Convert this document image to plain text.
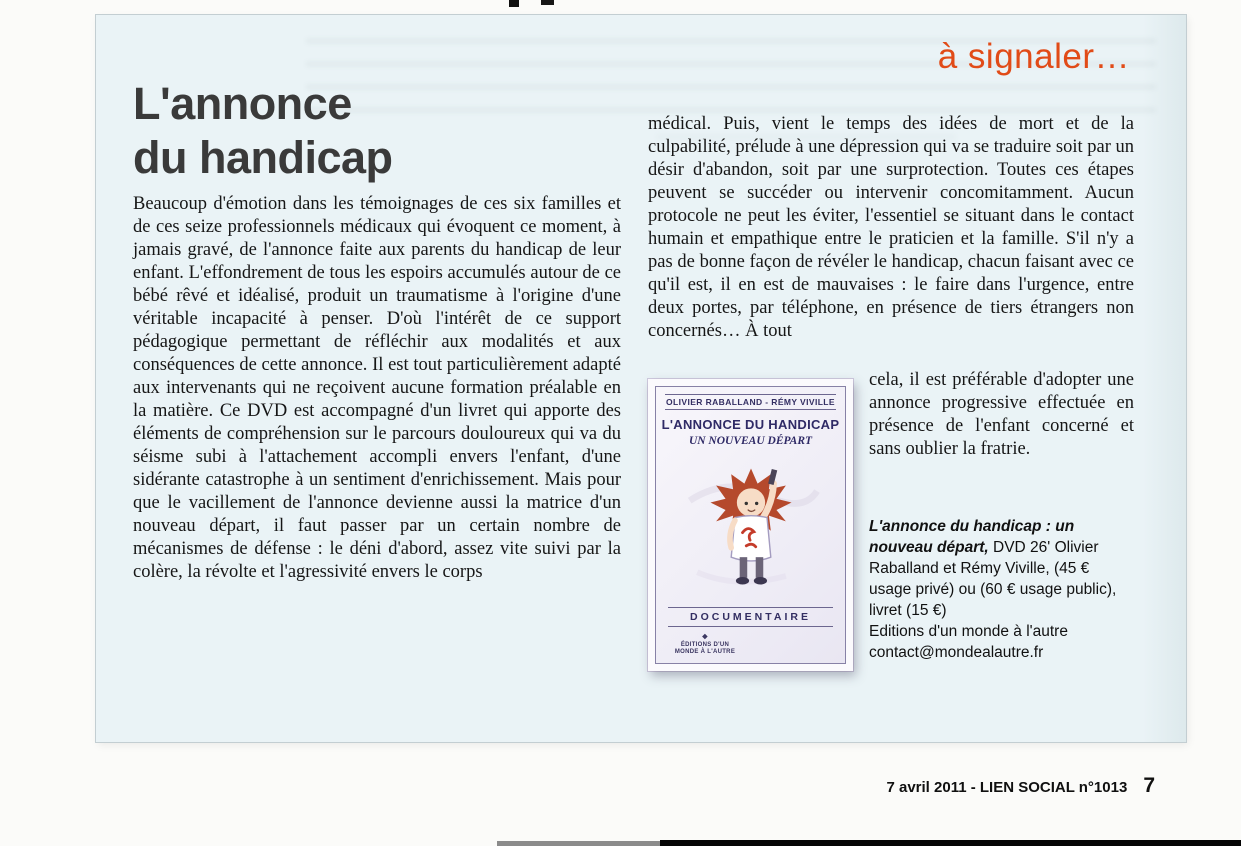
à signaler…
L'annonce
du handicap
Beaucoup d'émotion dans les témoignages de ces six familles et de ces seize professionnels médicaux qui évoquent ce moment, à jamais gravé, de l'annonce faite aux parents du handicap de leur enfant. L'effondrement de tous les espoirs accumulés autour de ce bébé rêvé et idéalisé, produit un traumatisme à l'origine d'une véritable incapacité à penser. D'où l'intérêt de ce support pédagogique permettant de réfléchir aux modalités et aux conséquences de cette annonce. Il est tout particulièrement adapté aux intervenants qui ne reçoivent aucune formation préalable en la matière. Ce DVD est accompagné d'un livret qui apporte des éléments de compréhension sur le parcours douloureux qui va du séisme subi à l'attachement accompli envers l'enfant, d'une sidérante catastrophe à un sentiment d'enrichissement. Mais pour que le vacillement de l'annonce devienne aussi la matrice d'un nouveau départ, il faut passer par un certain nombre de mécanismes de défense : le déni d'abord, assez vite suivi par la colère, la révolte et l'agressivité envers le corps
médical. Puis, vient le temps des idées de mort et de la culpabilité, prélude à une dépression qui va se traduire soit par un désir d'abandon, soit par une surprotection. Toutes ces étapes peuvent se succéder ou intervenir concomitamment. Aucun protocole ne peut les éviter, l'essentiel se situant dans le contact humain et empathique entre le praticien et la famille. S'il n'y a pas de bonne façon de révéler le handicap, chacun faisant avec ce qu'il est, il en est de mauvaises : le faire dans l'urgence, entre deux portes, par téléphone, en présence de tiers étrangers non concernés… À tout
OLIVIER RABALLAND - RÉMY VIVILLE
L'ANNONCE DU HANDICAP
UN NOUVEAU DÉPART
DOCUMENTAIRE
❖
ÉDITIONS D'UN MONDE À L'AUTRE
cela, il est préférable d'adopter une annonce progressive effectuée en présence de l'enfant concerné et sans oublier la fratrie.
L'annonce du handicap : un nouveau départ, DVD 26' Olivier Raballand et Rémy Viville, (45 € usage privé) ou (60 € usage public), livret (15 €)
Editions d'un monde à l'autre
contact@mondealautre.fr
7 avril 2011 - LIEN SOCIAL n°1013 7
